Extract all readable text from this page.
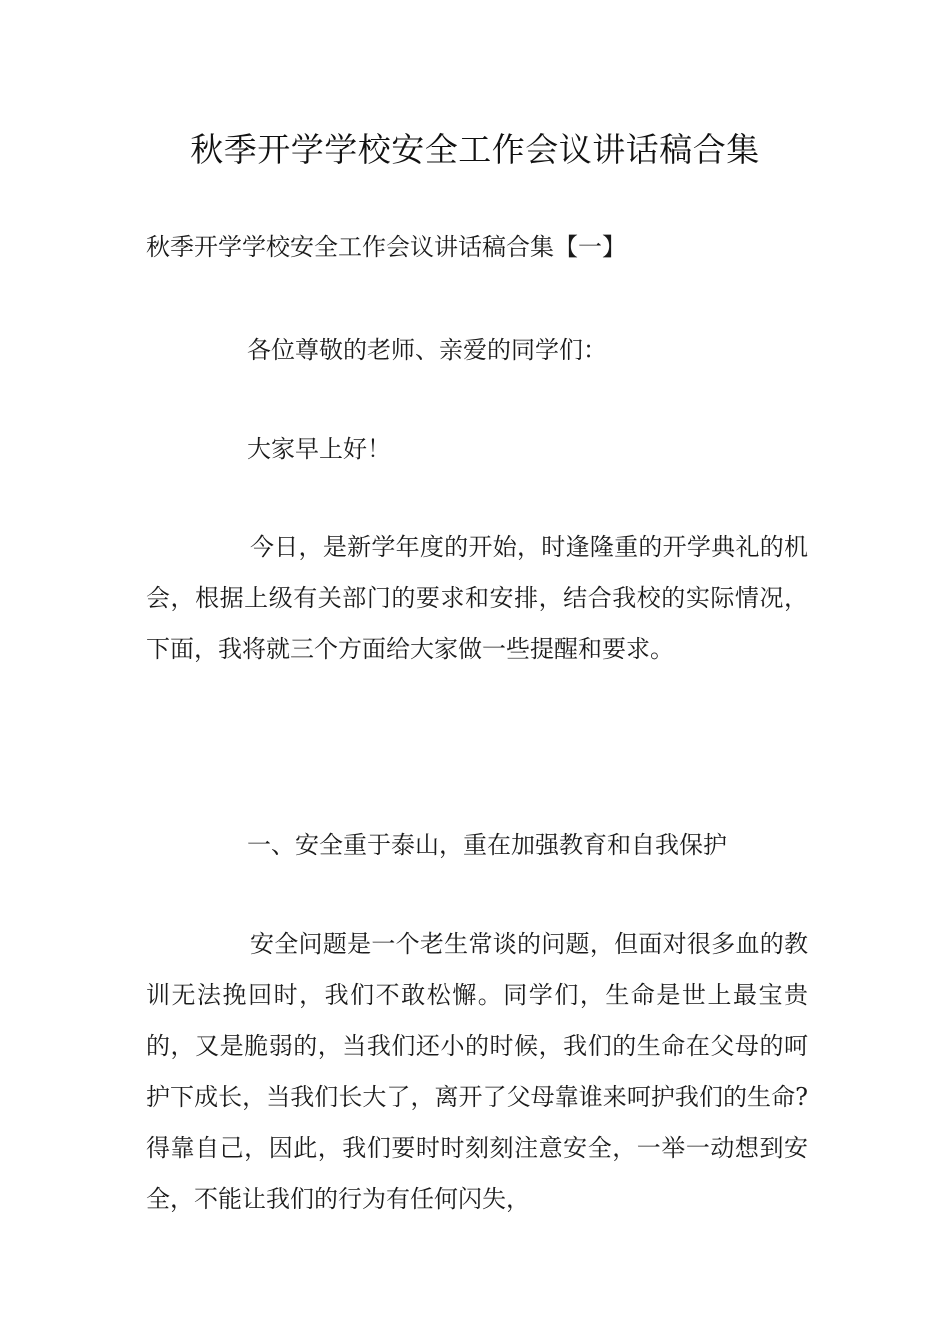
秋季开学学校安全工作会议讲话稿合集

秋季开学学校安全工作会议讲话稿合集【一】

各位尊敬的老师、亲爱的同学们：

大家早上好！

今日，是新学年度的开始，时逢隆重的开学典礼的机会，根据上级有关部门的要求和安排，结合我校的实际情况，下面，我将就三个方面给大家做一些提醒和要求。

一、安全重于泰山，重在加强教育和自我保护

安全问题是一个老生常谈的问题，但面对很多血的教训无法挽回时，我们不敢松懈。同学们，生命是世上最宝贵的，又是脆弱的，当我们还小的时候，我们的生命在父母的呵护下成长，当我们长大了，离开了父母靠谁来呵护我们的生命?得靠自己，因此，我们要时时刻刻注意安全，一举一动想到安全，不能让我们的行为有任何闪失，
